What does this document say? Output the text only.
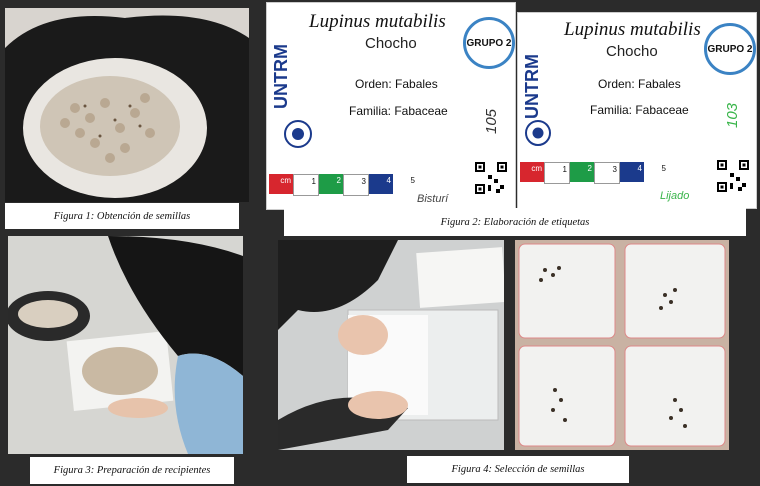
Figura 1: Obtención de semillas
UNTRM
Lupinus mutabilis
Chocho	GRUPO 2
Orden: Fabales
Familia: Fabaceae 105
cm	1	2	3	4 5
Bisturí
UNTRM
Lupinus mutabilis
Chocho	GRUPO 2
Orden: Fabales
Familia: Fabaceae 103
cm	1	2	3	4 5
Lijado
Figura 2: Elaboración de etiquetas
Figura 3: Preparación de recipientes	Figura 4: Selección de semillas
